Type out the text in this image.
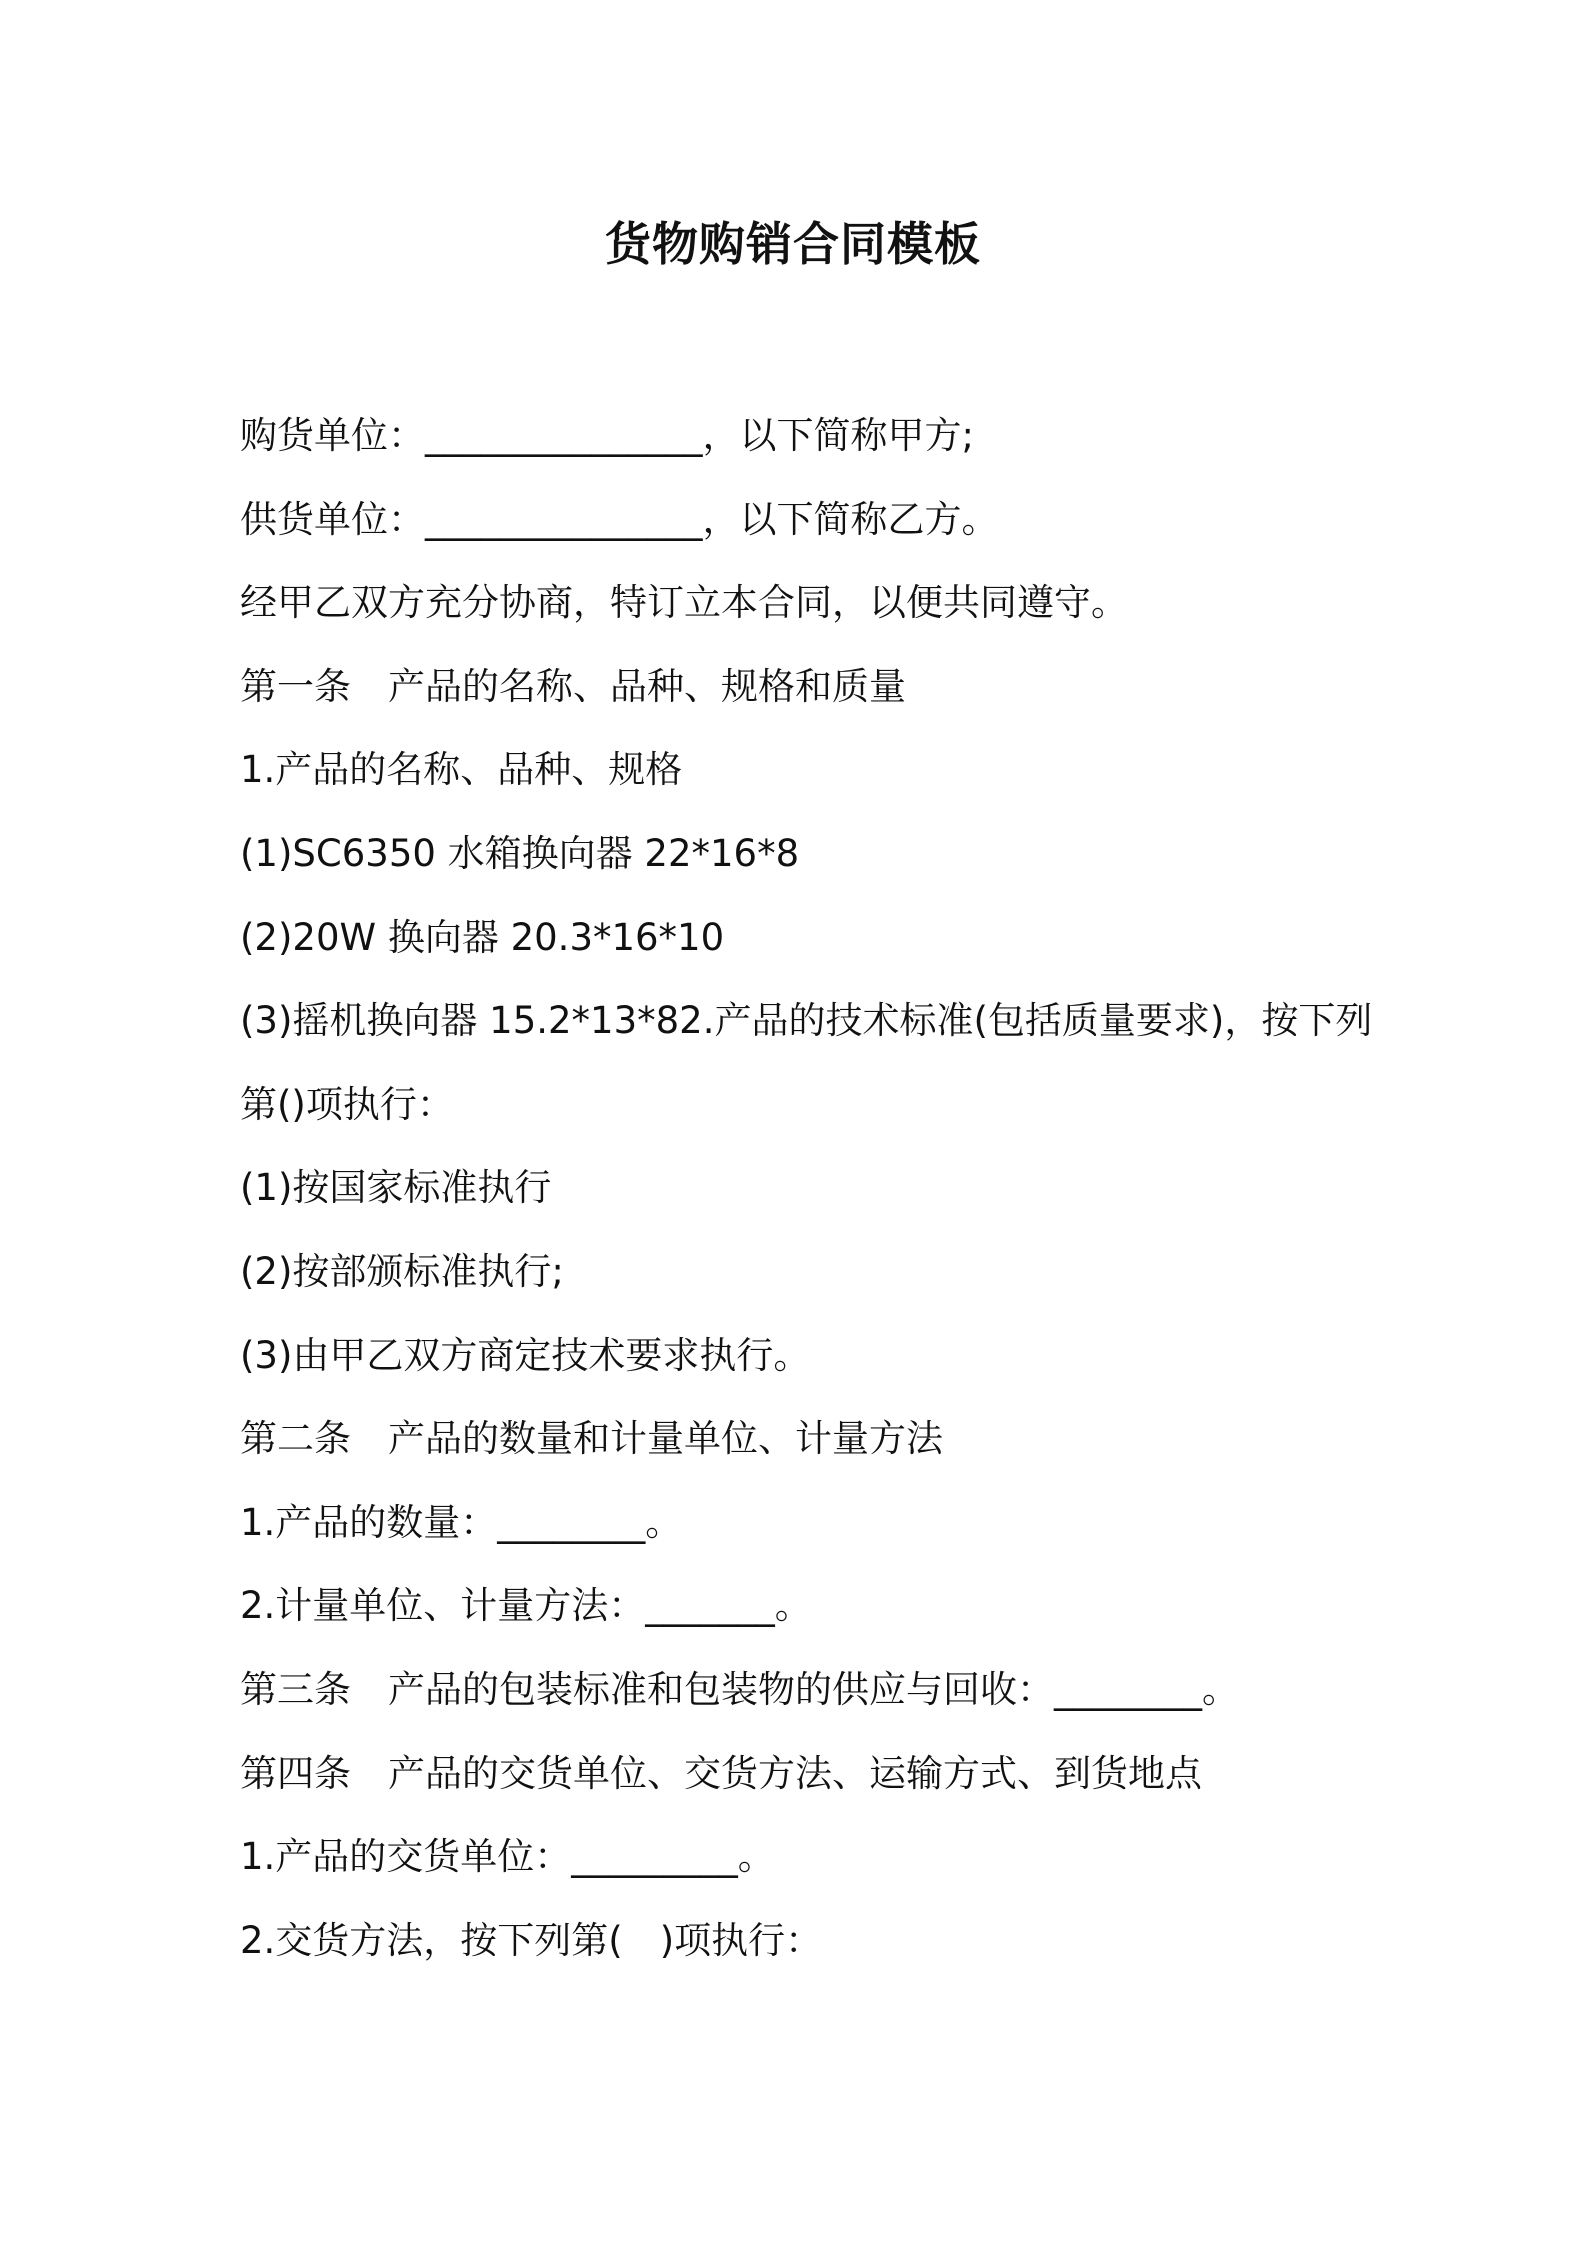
货物购销合同模板
购货单位：_______________，以下简称甲方;
供货单位：_______________，以下简称乙方。
经甲乙双方充分协商，特订立本合同，以便共同遵守。
第一条　产品的名称、品种、规格和质量
1.产品的名称、品种、规格
(1)SC6350 水箱换向器 22*16*8
(2)20W 换向器 20.3*16*10
(3)摇机换向器 15.2*13*82.产品的技术标准(包括质量要求)，按下列
第()项执行：
(1)按国家标准执行
(2)按部颁标准执行;
(3)由甲乙双方商定技术要求执行。
第二条　产品的数量和计量单位、计量方法
1.产品的数量：________。
2.计量单位、计量方法：_______。
第三条　产品的包装标准和包装物的供应与回收：________。
第四条　产品的交货单位、交货方法、运输方式、到货地点
1.产品的交货单位：_________。
2.交货方法，按下列第(　)项执行：
